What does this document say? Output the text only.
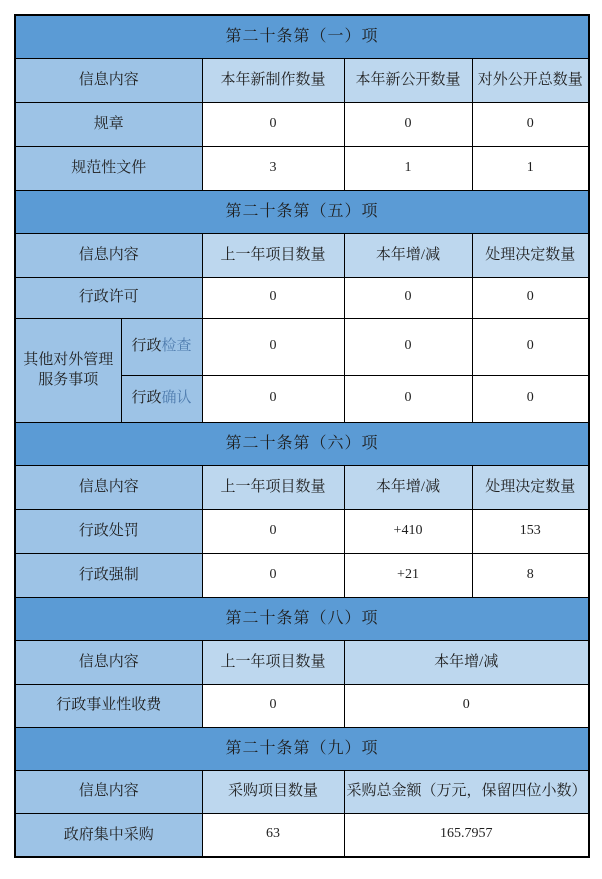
第二十条第（一）项				
信息内容		本年新制作数量	本年新公开数量	对外公开总数量
规章		0	0	0
规范性文件		3	1	1
第二十条第（五）项				
信息内容		上一年项目数量	本年增/减	处理决定数量
行政许可		0	0	0
其他对外管理服务事项	行政检查	0	0	0
	行政确认	0	0	0
第二十条第（六）项				
信息内容		上一年项目数量	本年增/减	处理决定数量
行政处罚		0	+410	153
行政强制		0	+21	8
第二十条第（八）项				
信息内容		上一年项目数量	本年增/减	
行政事业性收费		0	0	
第二十条第（九）项				
信息内容		采购项目数量	采购总金额（万元，保留四位小数）	
政府集中采购		63	165.7957	
